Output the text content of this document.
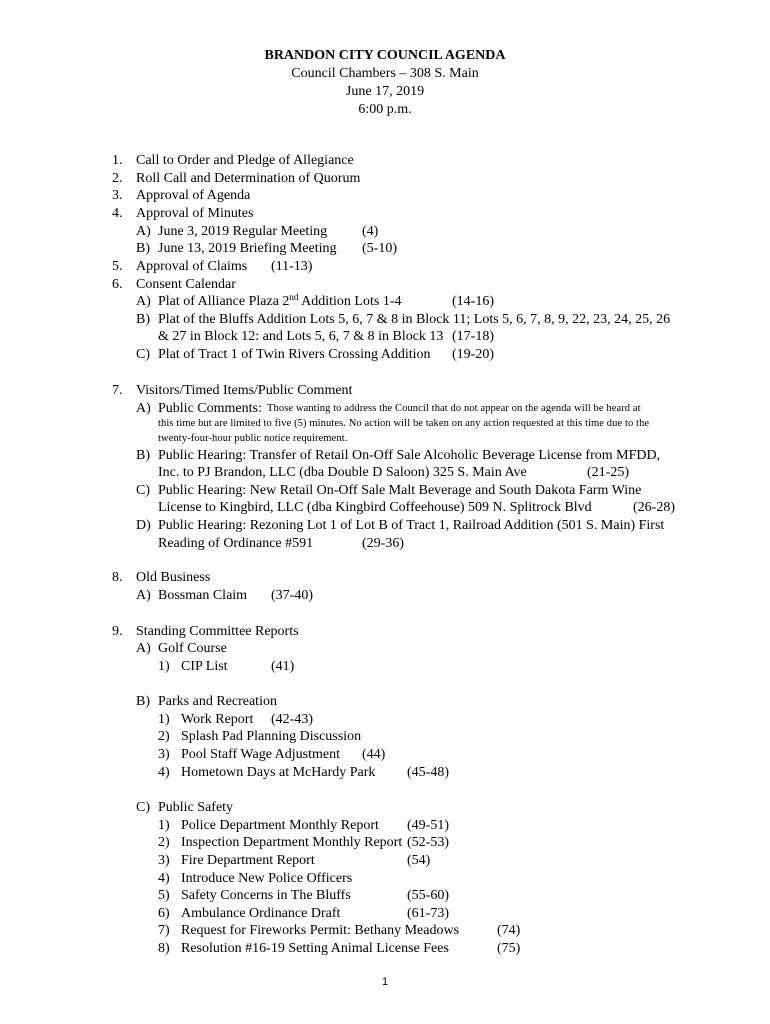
BRANDON CITY COUNCIL AGENDA
Council Chambers – 308 S. Main
June 17, 2019
6:00 p.m.
1. Call to Order and Pledge of Allegiance
2. Roll Call and Determination of Quorum
3. Approval of Agenda
4. Approval of Minutes
A) June 3, 2019 Regular Meeting (4)
B) June 13, 2019 Briefing Meeting (5-10)
5. Approval of Claims (11-13)
6. Consent Calendar
A) Plat of Alliance Plaza 2nd Addition Lots 1-4	(14-16)
B) Plat of the Bluffs Addition Lots 5, 6, 7 & 8 in Block 11; Lots 5, 6, 7, 8, 9, 22, 23, 24, 25, 26
& 27 in Block 12: and Lots 5, 6, 7 & 8 in Block 13 (17-18)
C) Plat of Tract 1 of Twin Rivers Crossing Addition (19-20)
7. Visitors/Timed Items/Public Comment
A) Public Comments: Those wanting to address the Council that do not appear on the agenda will be heard at
this time but are limited to five (5) minutes. No action will be taken on any action requested at this time due to the
twenty-four-hour public notice requirement.
B) Public Hearing: Transfer of Retail On-Off Sale Alcoholic Beverage License from MFDD,
Inc. to PJ Brandon, LLC (dba Double D Saloon) 325 S. Main Ave	(21-25)
C) Public Hearing: New Retail On-Off Sale Malt Beverage and South Dakota Farm Wine
License to Kingbird, LLC (dba Kingbird Coffeehouse) 509 N. Splitrock Blvd	(26-28)
D) Public Hearing: Rezoning Lot 1 of Lot B of Tract 1, Railroad Addition (501 S. Main) First
Reading of Ordinance #591	(29-36)
8. Old Business
A) Bossman Claim (37-40)
9. Standing Committee Reports
A) Golf Course
1) CIP List	(41)
B) Parks and Recreation
1) Work Report (42-43)
2) Splash Pad Planning Discussion
3) Pool Staff Wage Adjustment (44)
4) Hometown Days at McHardy Park (45-48)
C) Public Safety
1) Police Department Monthly Report (49-51)
2) Inspection Department Monthly Report (52-53)
3) Fire Department Report	(54)
4) Introduce New Police Officers
5) Safety Concerns in The Bluffs	(55-60)
6) Ambulance Ordinance Draft	(61-73)
7) Request for Fireworks Permit: Bethany Meadows	(74)
8) Resolution #16-19 Setting Animal License Fees	(75)
1
